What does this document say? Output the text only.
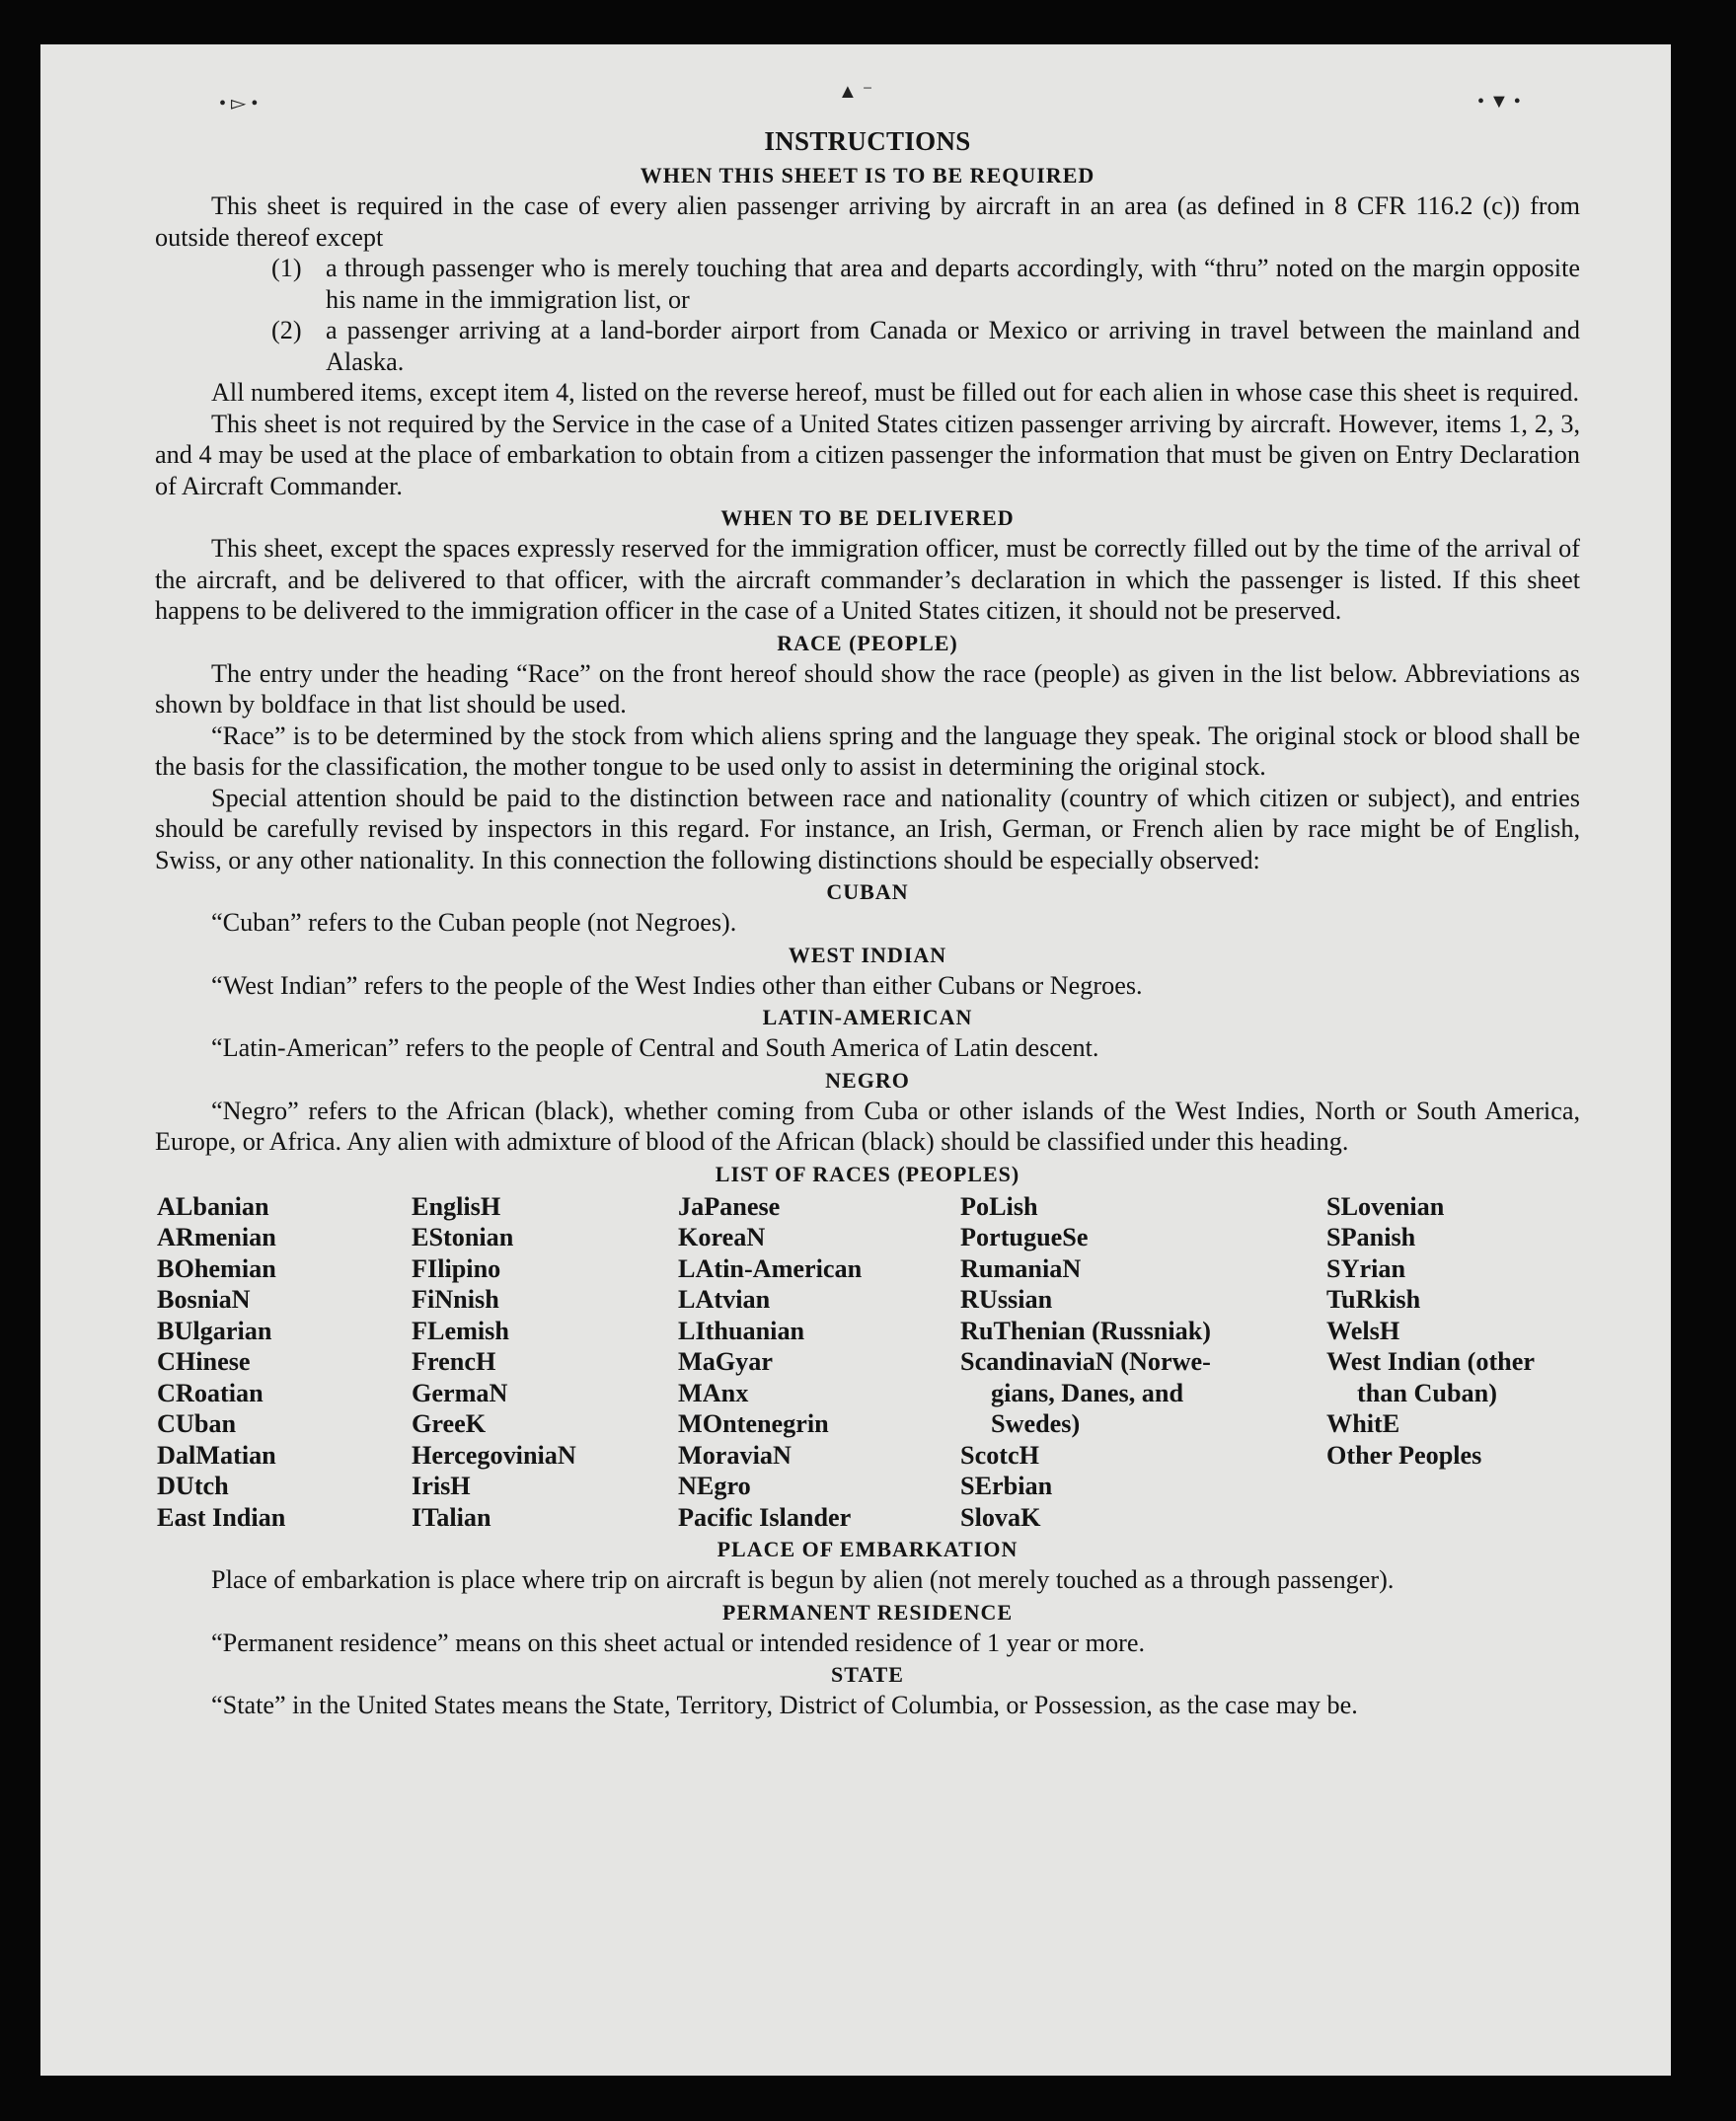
• ▻ •
▲ ⁻	• ▼ •
INSTRUCTIONS
WHEN THIS SHEET IS TO BE REQUIRED

This sheet is required in the case of every alien passenger arriving by aircraft in an area (as defined in 8 CFR 116.2 (c)) from outside thereof except

(1) a through passenger who is merely touching that area and departs accordingly, with “thru” noted on the margin opposite his name in the immigration list, or
(2) a passenger arriving at a land-border airport from Canada or Mexico or arriving in travel between the mainland and Alaska.

All numbered items, except item 4, listed on the reverse hereof, must be filled out for each alien in whose case this sheet is required.

This sheet is not required by the Service in the case of a United States citizen passenger arriving by aircraft. However, items 1, 2, 3, and 4 may be used at the place of embarkation to obtain from a citizen passenger the information that must be given on Entry Declaration of Aircraft Commander.

WHEN TO BE DELIVERED

This sheet, except the spaces expressly reserved for the immigration officer, must be correctly filled out by the time of the arrival of the aircraft, and be delivered to that officer, with the aircraft commander’s declaration in which the passenger is listed. If this sheet happens to be delivered to the immigration officer in the case of a United States citizen, it should not be preserved.

RACE (PEOPLE)

The entry under the heading “Race” on the front hereof should show the race (people) as given in the list below. Abbreviations as shown by boldface in that list should be used.

“Race” is to be determined by the stock from which aliens spring and the language they speak. The original stock or blood shall be the basis for the classification, the mother tongue to be used only to assist in determining the original stock.

Special attention should be paid to the distinction between race and nationality (country of which citizen or subject), and entries should be carefully revised by inspectors in this regard. For instance, an Irish, German, or French alien by race might be of English, Swiss, or any other nationality. In this connection the following distinctions should be especially observed:

CUBAN

“Cuban” refers to the Cuban people (not Negroes).

WEST INDIAN

“West Indian” refers to the people of the West Indies other than either Cubans or Negroes.

LATIN-AMERICAN

“Latin-American” refers to the people of Central and South America of Latin descent.

NEGRO

“Negro” refers to the African (black), whether coming from Cuba or other islands of the West Indies, North or South America, Europe, or Africa. Any alien with admixture of blood of the African (black) should be classified under this heading.

LIST OF RACES (PEOPLES)
ALbanian
ARmenian
BOhemian
BosniaN
BUlgarian
CHinese
CRoatian
CUban
DalMatian
DUtch
East Indian
EnglisH
EStonian
FIlipino
FiNnish
FLemish
FrencH
GermaN
GreeK
HercegoviniaN
IrisH
ITalian
JaPanese
KoreaN
LAtin-American
LAtvian
LIthuanian
MaGyar
MAnx
MOntenegrin
MoraviaN
NEgro
Pacific Islander
PoLish
PortugueSe
RumaniaN
RUssian
RuThenian (Russniak)
ScandinaviaN (Norwe-
gians, Danes, and
Swedes)
ScotcH
SErbian
SlovaK
SLovenian
SPanish
SYrian
TuRkish
WelsH
West Indian (other
than Cuban)
WhitE
Other Peoples
PLACE OF EMBARKATION

Place of embarkation is place where trip on aircraft is begun by alien (not merely touched as a through passenger).

PERMANENT RESIDENCE

“Permanent residence” means on this sheet actual or intended residence of 1 year or more.

STATE

“State” in the United States means the State, Territory, District of Columbia, or Possession, as the case may be.
